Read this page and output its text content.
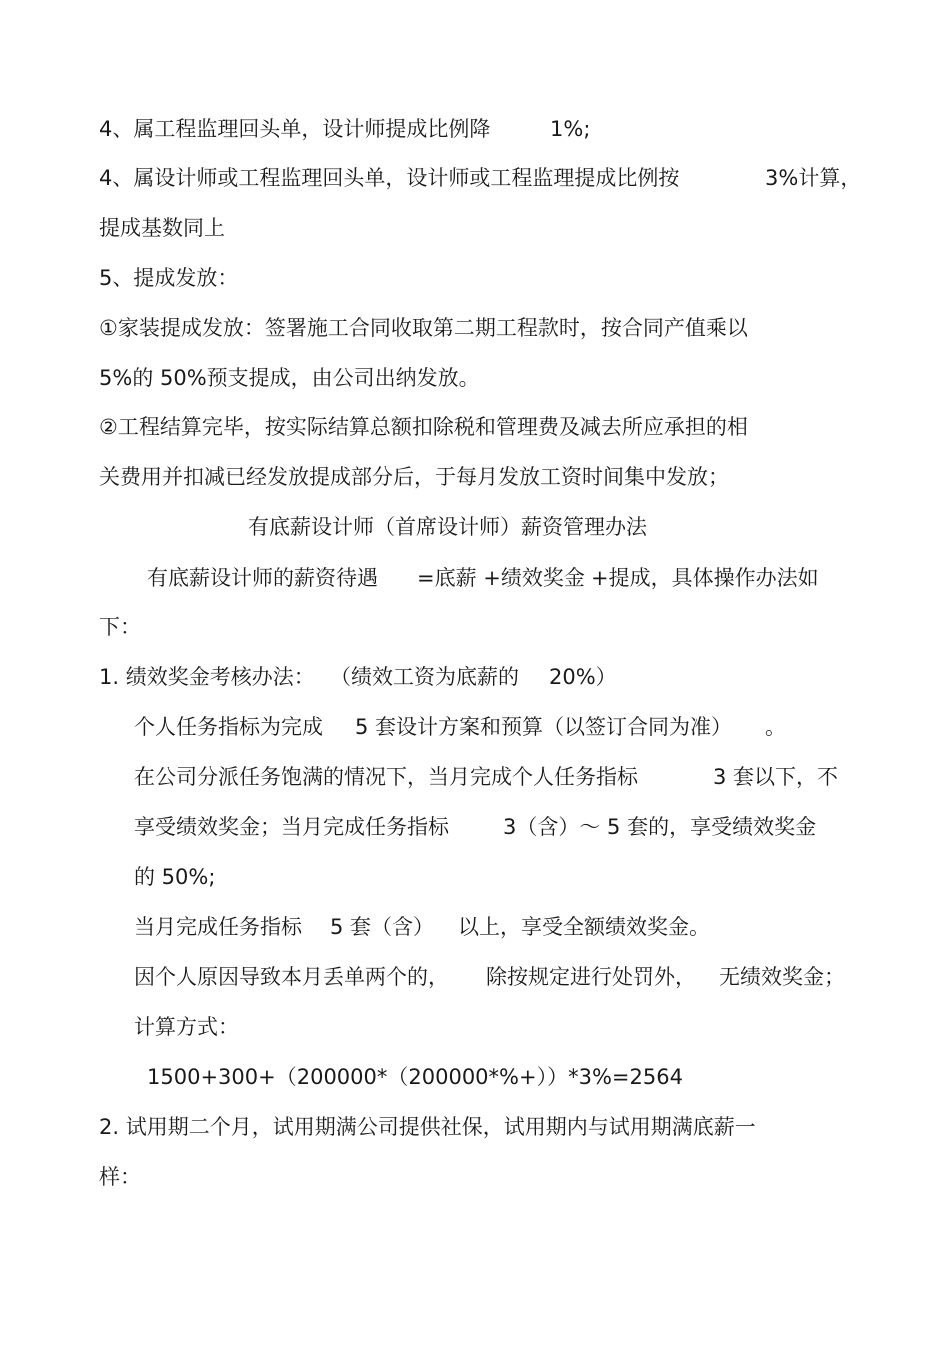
4、属工程监理回头单，设计师提成比例降	1%;
4、属设计师或工程监理回头单，设计师或工程监理提成比例按	3%计算，
提成基数同上
5、提成发放：
①家装提成发放：签署施工合同收取第二期工程款时，按合同产值乘以
5%的 50%预支提成，由公司出纳发放。
②工程结算完毕，按实际结算总额扣除税和管理费及减去所应承担的相
关费用并扣减已经发放提成部分后，于每月发放工资时间集中发放；
有底薪设计师（首席设计师）薪资管理办法
有底薪设计师的薪资待遇 =底薪 +绩效奖金 +提成，具体操作办法如
下：
1. 绩效奖金考核办法： （绩效工资为底薪的 20%）
个人任务指标为完成 5 套设计方案和预算（以签订合同为准） 。
在公司分派任务饱满的情况下，当月完成个人任务指标	3 套以下，不
享受绩效奖金；当月完成任务指标	3（含）～ 5 套的，享受绩效奖金
的 50%;
当月完成任务指标 5 套（含） 以上，享受全额绩效奖金。
因个人原因导致本月丢单两个的， 除按规定进行处罚外， 无绩效奖金；
计算方式：
1500+300+（200000*（200000*%+））*3%=2564
2. 试用期二个月，试用期满公司提供社保，试用期内与试用期满底薪一
样：
